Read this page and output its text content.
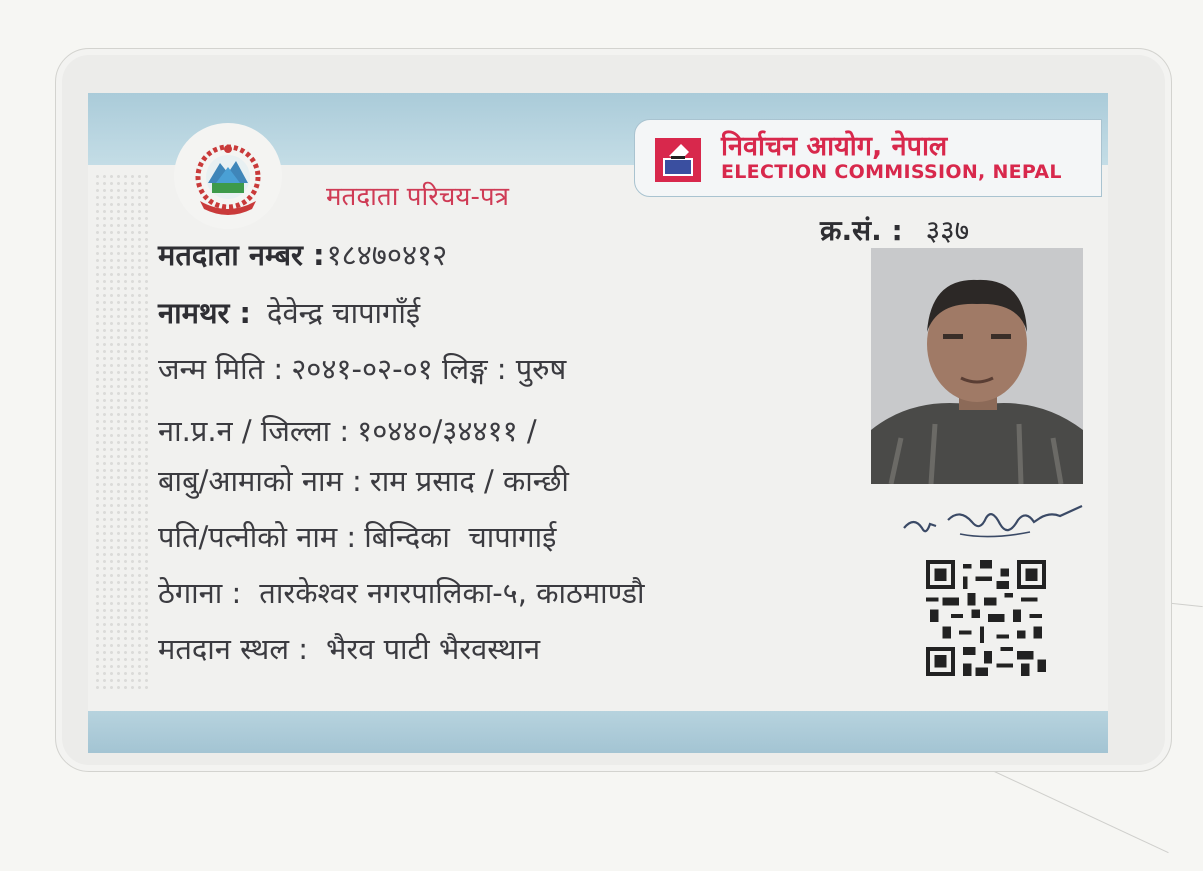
मतदाता परिचय-पत्र
निर्वाचन आयोग, नेपाल
ELECTION COMMISSION, NEPAL
क्र.सं. : ३३७
मतदाता नम्बर :१८४७०४१२
नामथर : देवेन्द्र चापागाँई
जन्म मिति : २०४१-०२-०१ लिङ्ग : पुरुष
ना.प्र.न / जिल्ला : १०४४०/३४४११ /
बाबु/आमाको नाम : राम प्रसाद / कान्छी
पति/पत्नीको नाम : बिन्दिका  चापागाई
ठेगाना : तारकेश्वर नगरपालिका-५, काठमाण्डौ
मतदान स्थल : भैरव पाटी भैरवस्थान
